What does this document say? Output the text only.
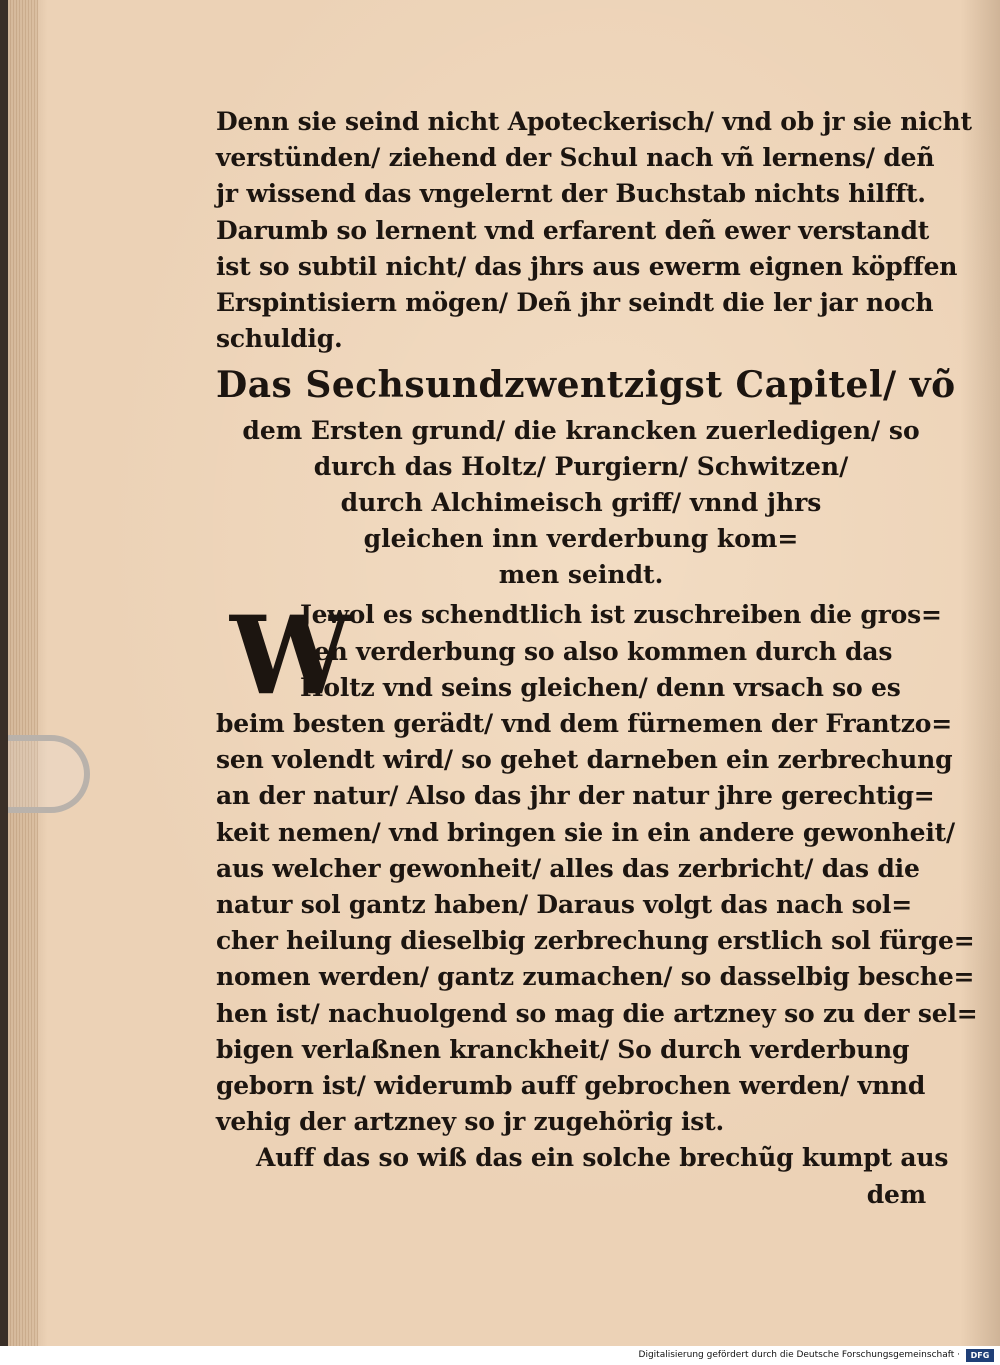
Denn sie seind nicht Apoteckerisch/ vnd ob jr sie nicht
verstünden/ ziehend der Schul nach vñ lernens/ deñ
jr wissend das vngelernt der Buchstab nichts hilfft.
Darumb so lernent vnd erfarent deñ ewer verstandt
ist so subtil nicht/ das jhrs aus ewerm eignen köpffen
Erspintisiern mögen/ Deñ jhr seindt die ler jar noch
schuldig.
Das Sechsundzwentzigst Capitel/ võ
dem Ersten grund/ die krancken zuerledigen/ so
durch das Holtz/ Purgiern/ Schwitzen/
durch Alchimeisch griff/ vnnd jhrs
gleichen inn verderbung kom=
men seindt.
W
Jewol es schendtlich ist zuschreiben die gros=
sen verderbung so also kommen durch das
Holtz vnd seins gleichen/ denn vrsach so es
beim besten gerädt/ vnd dem fürnemen der Frantzo=
sen volendt wird/ so gehet darneben ein zerbrechung
an der natur/ Also das jhr der natur jhre gerechtig=
keit nemen/ vnd bringen sie in ein andere gewonheit/
aus welcher gewonheit/ alles das zerbricht/ das die
natur sol gantz haben/ Daraus volgt das nach sol=
cher heilung dieselbig zerbrechung erstlich sol fürge=
nomen werden/ gantz zumachen/ so dasselbig besche=
hen ist/ nachuolgend so mag die artzney so zu der sel=
bigen verlaßnen kranckheit/ So durch verderbung
geborn ist/ widerumb auff gebrochen werden/ vnnd
vehig der artzney so jr zugehörig ist.
Auff das so wiß das ein solche brechũg kumpt aus
dem
Digitalisierung gefördert durch die Deutsche Forschungsgemeinschaft ·	DFG
